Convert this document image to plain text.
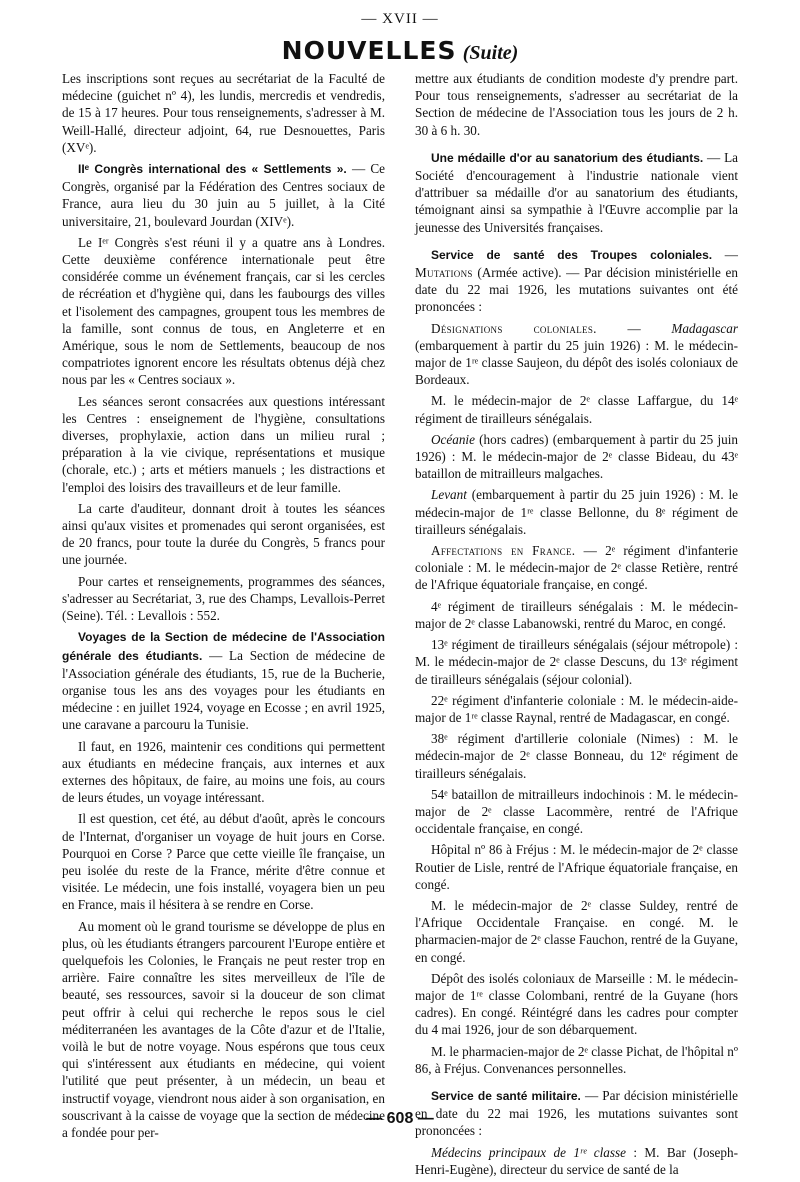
— XVII —
NOUVELLES (Suite)

Les inscriptions sont reçues au secrétariat de la Faculté de médecine (guichet nº 4), les lundis, mercredis et vendredis, de 15 à 17 heures. Pour tous renseignements, s'adresser à M. Weill-Hallé, directeur adjoint, 64, rue Desnouettes, Paris (XVᵉ).

IIᵉ Congrès international des « Settlements ». — Ce Congrès, organisé par la Fédération des Centres sociaux de France, aura lieu du 30 juin au 5 juillet, à la Cité universitaire, 21, boulevard Jourdan (XIVᵉ).

Le Iᵉʳ Congrès s'est réuni il y a quatre ans à Londres. Cette deuxième conférence internationale peut être considérée comme un événement français, car si les cercles de récréation et d'hygiène qui, dans les faubourgs des villes et l'isolement des campagnes, groupent tous les membres de la famille, sont connus de tous, en Angleterre et en Amérique, sous le nom de Settlements, beaucoup de nos compatriotes ignorent encore les résultats obtenus déjà chez nous par les « Centres sociaux ».

Les séances seront consacrées aux questions intéressant les Centres : enseignement de l'hygiène, consultations diverses, prophylaxie, action dans un milieu rural ; préparation à la vie civique, représentations et musique (chorale, etc.) ; arts et métiers manuels ; les distractions et l'emploi des loisirs des travailleurs et de leur famille.

La carte d'auditeur, donnant droit à toutes les séances ainsi qu'aux visites et promenades qui seront organisées, est de 20 francs, pour toute la durée du Congrès, 5 francs pour une journée.

Pour cartes et renseignements, programmes des séances, s'adresser au Secrétariat, 3, rue des Champs, Levallois-Perret (Seine). Tél. : Levallois : 552.

Voyages de la Section de médecine de l'Association générale des étudiants. — La Section de médecine de l'Association générale des étudiants, 15, rue de la Bucherie, organise tous les ans des voyages pour les étudiants en médecine : en juillet 1924, voyage en Ecosse ; en avril 1925, une caravane a parcouru la Tunisie.

Il faut, en 1926, maintenir ces conditions qui permettent aux étudiants en médecine français, aux internes et aux externes des hôpitaux, de faire, au moins une fois, au cours de leurs études, un voyage intéressant.

Il est question, cet été, au début d'août, après le concours de l'Internat, d'organiser un voyage de huit jours en Corse. Pourquoi en Corse ? Parce que cette vieille île française, un peu isolée du reste de la France, mérite d'être connue et visitée. Le médecin, une fois installé, voyagera bien un peu en France, mais il hésitera à se rendre en Corse.

Au moment où le grand tourisme se développe de plus en plus, où les étudiants étrangers parcourent l'Europe entière et quelquefois les Colonies, le Français ne peut rester trop en arrière. Faire connaître les sites merveilleux de l'île de beauté, ses ressources, savoir si la douceur de son climat peut offrir à celui qui recherche le repos sous le ciel méditerranéen les avantages de la Côte d'azur et de l'Italie, voilà le but de notre voyage. Nous espérons que tous ceux qui s'intéressent aux étudiants en médecine, qui voient l'utilité que peut présenter, à un médecin, un beau et instructif voyage, viendront nous aider à son organisation, en souscrivant à la caisse de voyage que la section de médecine a fondée pour per-

mettre aux étudiants de condition modeste d'y prendre part. Pour tous renseignements, s'adresser au secrétariat de la Section de médecine de l'Association tous les jours de 2 h. 30 à 6 h. 30.

Une médaille d'or au sanatorium des étudiants. — La Société d'encouragement à l'industrie nationale vient d'attribuer sa médaille d'or au sanatorium des étudiants, témoignant ainsi sa sympathie à l'Œuvre accomplie par la jeunesse des Universités françaises.

Service de santé des Troupes coloniales. — Mutations (Armée active). — Par décision ministérielle en date du 22 mai 1926, les mutations suivantes ont été prononcées :

Désignations coloniales. — Madagascar (embarquement à partir du 25 juin 1926) : M. le médecin-major de 1ʳᵉ classe Saujeon, du dépôt des isolés coloniaux de Bordeaux.

M. le médecin-major de 2ᵉ classe Laffargue, du 14ᵉ régiment de tirailleurs sénégalais.

Océanie (hors cadres) (embarquement à partir du 25 juin 1926) : M. le médecin-major de 2ᵉ classe Bideau, du 43ᵉ bataillon de mitrailleurs malgaches.

Levant (embarquement à partir du 25 juin 1926) : M. le médecin-major de 1ʳᵉ classe Bellonne, du 8ᵉ régiment de tirailleurs sénégalais.

Affectations en France. — 2ᵉ régiment d'infanterie coloniale : M. le médecin-major de 2ᵉ classe Retière, rentré de l'Afrique équatoriale française, en congé.

4ᵉ régiment de tirailleurs sénégalais : M. le médecin-major de 2ᵉ classe Labanowski, rentré du Maroc, en congé.

13ᵉ régiment de tirailleurs sénégalais (séjour métropole) : M. le médecin-major de 2ᵉ classe Descuns, du 13ᵉ régiment de tirailleurs sénégalais (séjour colonial).

22ᵉ régiment d'infanterie coloniale : M. le médecin-aide-major de 1ʳᵉ classe Raynal, rentré de Madagascar, en congé.

38ᵉ régiment d'artillerie coloniale (Nimes) : M. le médecin-major de 2ᵉ classe Bonneau, du 12ᵉ régiment de tirailleurs sénégalais.

54ᵉ bataillon de mitrailleurs indochinois : M. le médecin-major de 2ᵉ classe Lacommère, rentré de l'Afrique occidentale française, en congé.

Hôpital nº 86 à Fréjus : M. le médecin-major de 2ᵉ classe Routier de Lisle, rentré de l'Afrique équatoriale française, en congé.

M. le médecin-major de 2ᵉ classe Suldey, rentré de l'Afrique Occidentale Française. en congé. M. le pharmacien-major de 2ᵉ classe Fauchon, rentré de la Guyane, en congé.

Dépôt des isolés coloniaux de Marseille : M. le médecin-major de 1ʳᵉ classe Colombani, rentré de la Guyane (hors cadres). En congé. Réintégré dans les cadres pour compter du 4 mai 1926, jour de son débarquement.

M. le pharmacien-major de 2ᵉ classe Pichat, de l'hôpital nº 86, à Fréjus. Convenances personnelles.

Service de santé militaire. — Par décision ministérielle en date du 22 mai 1926, les mutations suivantes sont prononcées :

Médecins principaux de 1ʳᵉ classe : M. Bar (Joseph-Henri-Eugène), directeur du service de santé de la

— 608 —
